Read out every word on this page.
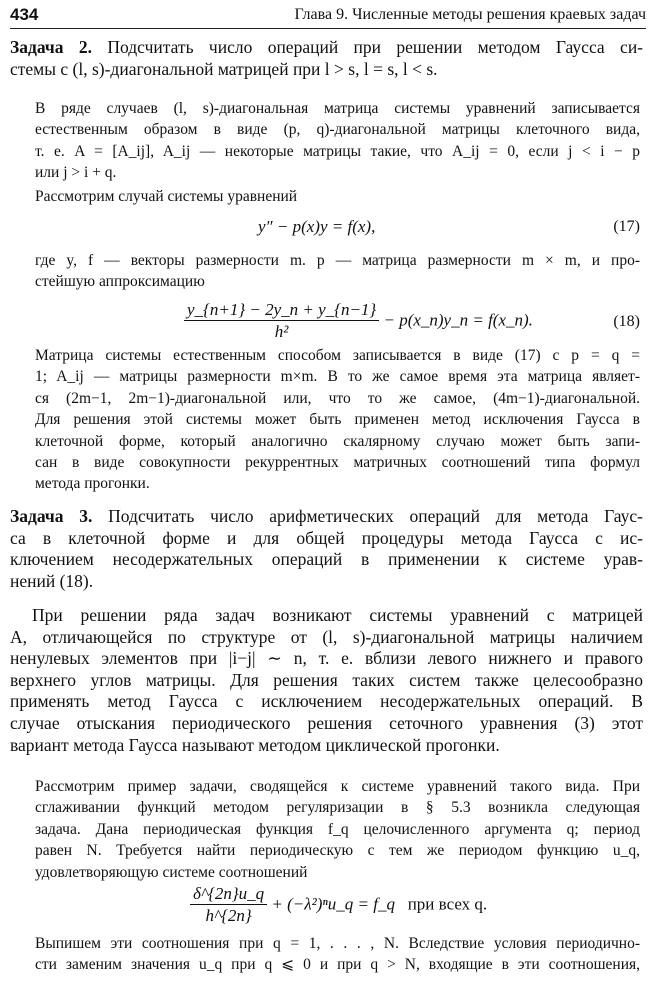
434	Глава 9. Численные методы решения краевых задач
Задача 2. Подсчитать число операций при решении методом Гаусса си-
стемы с (l, s)-диагональной матрицей при l > s, l = s, l < s.
В ряде случаев (l, s)-диагональная матрица системы уравнений записывается
естественным образом в виде (p, q)-диагональной матрицы клеточного вида,
т. е. A = [A_ij], A_ij — некоторые матрицы такие, что A_ij = 0, если j < i − p
или j > i + q.
Рассмотрим случай системы уравнений
y″ − p(x)y = f(x),	(17)
где y, f — векторы размерности m. p — матрица размерности m × m, и про-
стейшую аппроксимацию
$\frac{y\_\{n+1\} - 2y\_n + y\_\{n-1\}}{\text{h²}}$ − p(x_n)y_n = f(x_n).	(18)
Матрица системы естественным способом записывается в виде (17) с p = q =
1; A_ij — матрицы размерности m×m. В то же самое время эта матрица являет-
ся (2m−1, 2m−1)-диагональной или, что то же самое, (4m−1)-диагональной.
Для решения этой системы может быть применен метод исключения Гаусса в
клеточной форме, который аналогично скалярному случаю может быть запи-
сан в виде совокупности рекуррентных матричных соотношений типа формул
метода прогонки.
Задача 3. Подсчитать число арифметических операций для метода Гаус-
са в клеточной форме и для общей процедуры метода Гаусса с ис-
ключением несодержательных операций в применении к системе урав-
нений (18).
При решении ряда задач возникают системы уравнений с матрицей
A, отличающейся по структуре от (l, s)-диагональной матрицы наличием
ненулевых элементов при |i−j| ∼ n, т. е. вблизи левого нижнего и правого
верхнего углов матрицы. Для решения таких систем также целесообразно
применять метод Гаусса с исключением несодержательных операций. В
случае отыскания периодического решения сеточного уравнения (3) этот
вариант метода Гаусса называют методом циклической прогонки.
Рассмотрим пример задачи, сводящейся к системе уравнений такого вида. При
сглаживании функций методом регуляризации в § 5.3 возникла следующая
задача. Дана периодическая функция f_q целочисленного аргумента q; период
равен N. Требуется найти периодическую с тем же периодом функцию u_q,
удовлетворяющую системе соотношений
$\frac{\delta\^{}\{2n\}u\_q}{h\^{}\{2n\}}$ + (−λ²)ⁿu_q = f_q при всех q.
Выпишем эти соотношения при q = 1, . . . , N. Вследствие условия периодично-
сти заменим значения u_q при q ⩽ 0 и при q > N, входящие в эти соотношения,
